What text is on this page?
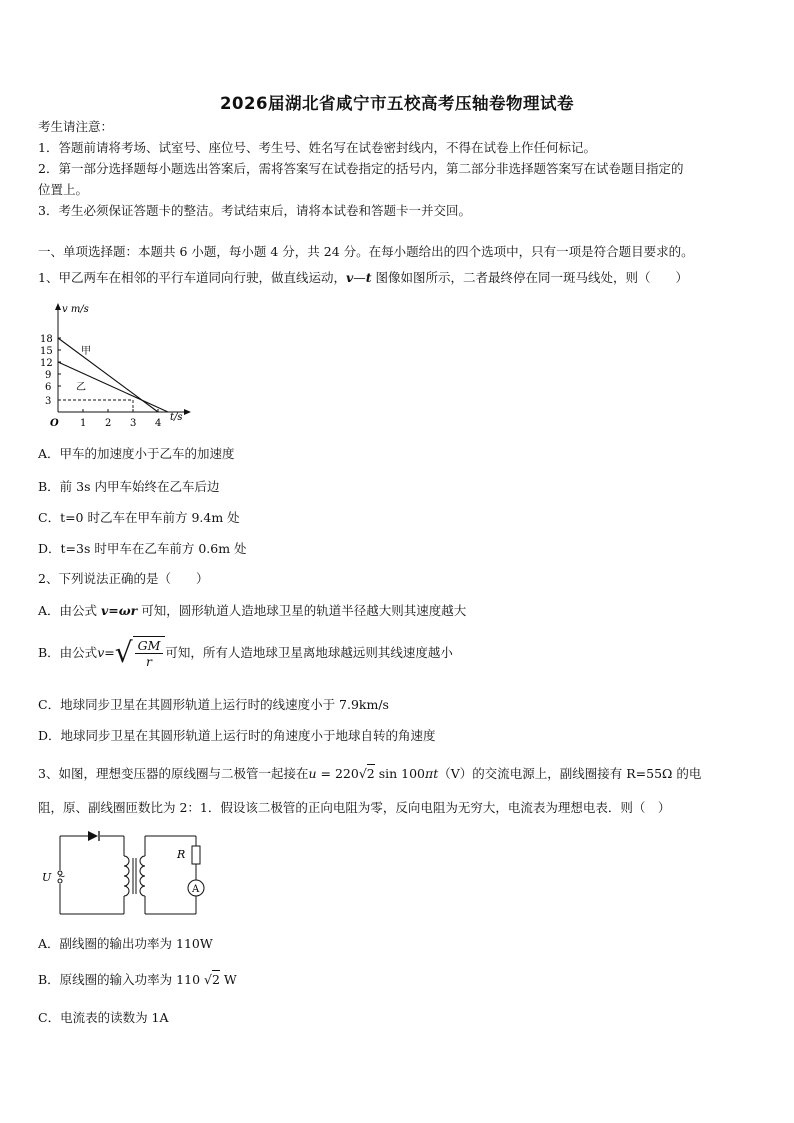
2026届湖北省咸宁市五校高考压轴卷物理试卷
考生请注意：
1．答题前请将考场、试室号、座位号、考生号、姓名写在试卷密封线内，不得在试卷上作任何标记。
2．第一部分选择题每小题选出答案后，需将答案写在试卷指定的括号内，第二部分非选择题答案写在试卷题目指定的
位置上。
3．考生必须保证答题卡的整洁。考试结束后，请将本试卷和答题卡一并交回。
一、单项选择题：本题共 6 小题，每小题 4 分，共 24 分。在每小题给出的四个选项中，只有一项是符合题目要求的。
1、甲乙两车在相邻的平行车道同向行驶，做直线运动，v—t 图像如图所示，二者最终停在同一斑马线处，则（　　）
v m/s
t/s
18
15
12
9
6
3
O 1 2 3 4
甲
乙
A．甲车的加速度小于乙车的加速度
B．前 3s 内甲车始终在乙车后边
C．t=0 时乙车在甲车前方 9.4m 处
D．t=3s 时甲车在乙车前方 0.6m 处
2、下列说法正确的是（　　）
A．由公式 v=ωr 可知，圆形轨道人造地球卫星的轨道半径越大则其速度越大
B．由公式 v= √ $\frac{GM}{r}$ 可知，所有人造地球卫星离地球越远则其线速度越小
C．地球同步卫星在其圆形轨道上运行时的线速度小于 7.9km/s
D．地球同步卫星在其圆形轨道上运行时的角速度小于地球自转的角速度
3、如图，理想变压器的原线圈与二极管一起接在u = 220√2 sin 100πt（V）的交流电源上，副线圈接有 R=55Ω 的电
阻，原、副线圈匝数比为 2：1．假设该二极管的正向电阻为零，反向电阻为无穷大，电流表为理想电表．则（　）
~
U
A
R
A．副线圈的输出功率为 110W
B．原线圈的输入功率为 110 √2 W
C．电流表的读数为 1A
